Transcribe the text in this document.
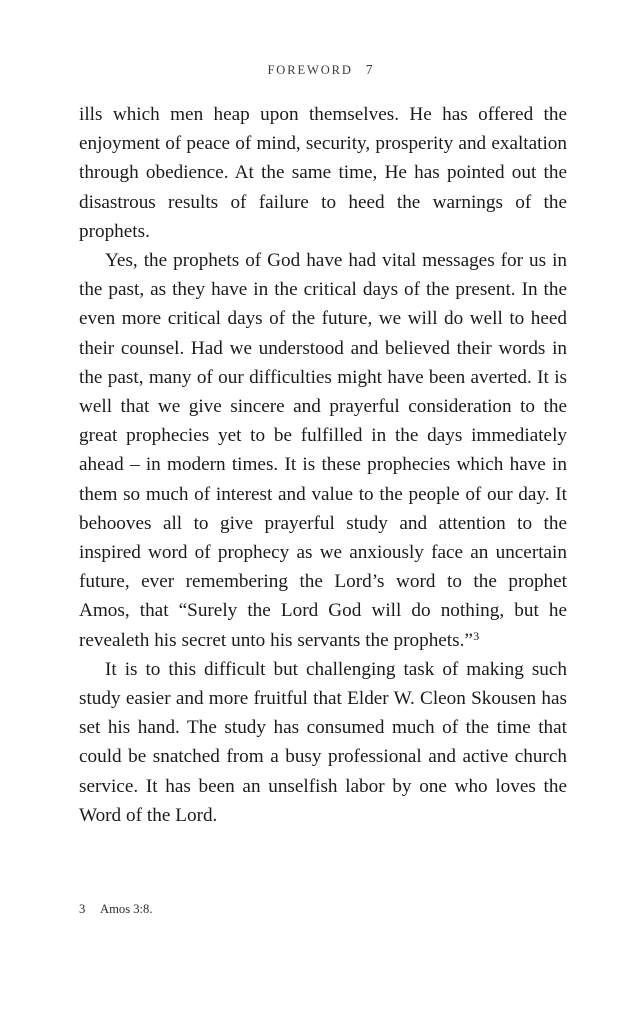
FOREWORD 7

ills which men heap upon themselves. He has offered the enjoyment of peace of mind, security, prosperity and exaltation through obedience. At the same time, He has pointed out the disastrous results of failure to heed the warnings of the prophets.

Yes, the prophets of God have had vital messages for us in the past, as they have in the critical days of the present. In the even more critical days of the future, we will do well to heed their counsel. Had we understood and believed their words in the past, many of our difficulties might have been averted. It is well that we give sincere and prayerful consideration to the great prophecies yet to be fulfilled in the days immediately ahead – in modern times. It is these prophecies which have in them so much of interest and value to the people of our day. It behooves all to give prayerful study and attention to the inspired word of prophecy as we anxiously face an uncertain future, ever remembering the Lord’s word to the prophet Amos, that “Surely the Lord God will do nothing, but he revealeth his secret unto his servants the prophets.”$^3$

It is to this difficult but challenging task of making such study easier and more fruitful that Elder W. Cleon Skousen has set his hand. The study has consumed much of the time that could be snatched from a busy professional and active church service. It has been an unselfish labor by one who loves the Word of the Lord.

3 Amos 3:8.
